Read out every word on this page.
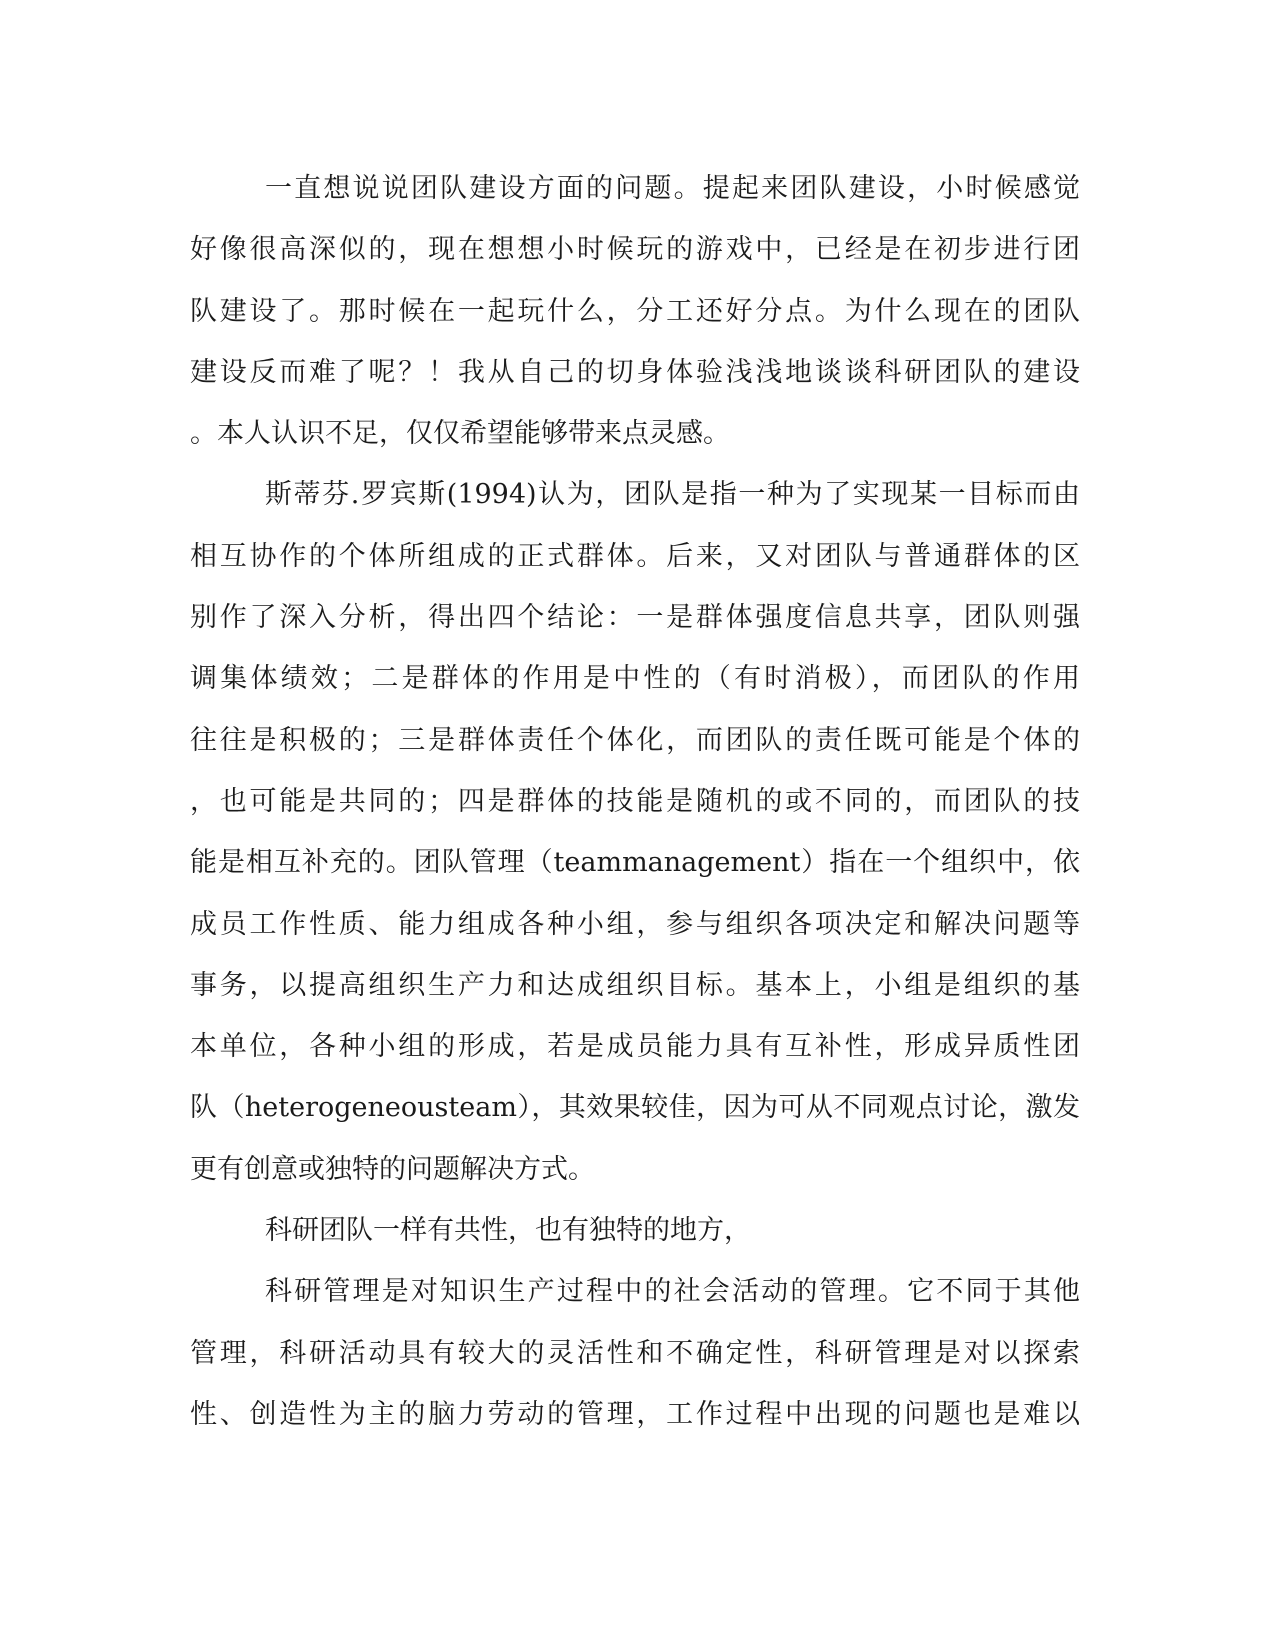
一直想说说团队建设方面的问题。提起来团队建设，小时候感觉
好像很高深似的，现在想想小时候玩的游戏中，已经是在初步进行团
队建设了。那时候在一起玩什么，分工还好分点。为什么现在的团队
建设反而难了呢？！我从自己的切身体验浅浅地谈谈科研团队的建设
。本人认识不足，仅仅希望能够带来点灵感。
斯蒂芬.罗宾斯(1994)认为，团队是指一种为了实现某一目标而由
相互协作的个体所组成的正式群体。后来，又对团队与普通群体的区
别作了深入分析，得出四个结论：一是群体强度信息共享，团队则强
调集体绩效；二是群体的作用是中性的（有时消极），而团队的作用
往往是积极的；三是群体责任个体化，而团队的责任既可能是个体的
，也可能是共同的；四是群体的技能是随机的或不同的，而团队的技
能是相互补充的。团队管理（teammanagement）指在一个组织中，依
成员工作性质、能力组成各种小组，参与组织各项决定和解决问题等
事务，以提高组织生产力和达成组织目标。基本上，小组是组织的基
本单位，各种小组的形成，若是成员能力具有互补性，形成异质性团
队（heterogeneousteam），其效果较佳，因为可从不同观点讨论，激发
更有创意或独特的问题解决方式。
科研团队一样有共性，也有独特的地方，
科研管理是对知识生产过程中的社会活动的管理。它不同于其他
管理，科研活动具有较大的灵活性和不确定性，科研管理是对以探索
性、创造性为主的脑力劳动的管理，工作过程中出现的问题也是难以
